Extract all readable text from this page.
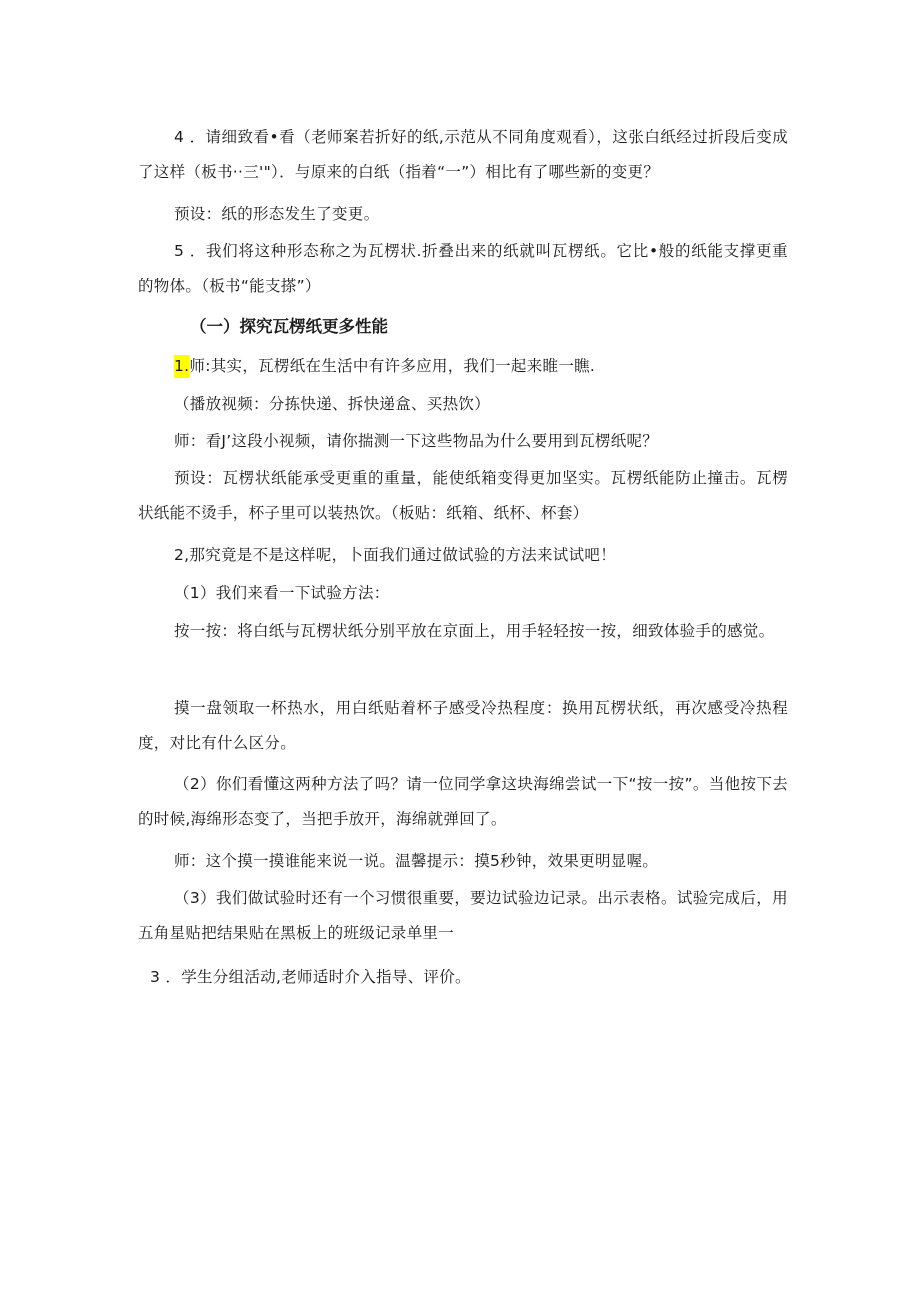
4 ．请细致看•看（老师案若折好的纸,示范从不同角度观看），这张白纸经过折段后变成了这样（板书··三'"）．与原来的白纸（指着“一”）相比有了哪些新的变更？

预设：纸的形态发生了变更。

5 ．我们将这种形态称之为瓦楞状.折叠出来的纸就叫瓦楞纸。它比•般的纸能支撑更重的物体。（板书“能支搽”）

（一）探究瓦楞纸更多性能

1.师:其实，瓦楞纸在生活中有许多应用，我们一起来睢一瞧.

（播放视频：分拣快递、拆快递盒、买热饮）

师：看J’这段小视频，请你揣测一下这些物品为什么要用到瓦楞纸呢？

预设：瓦楞状纸能承受更重的重量，能使纸箱变得更加坚实。瓦楞纸能防止撞击。瓦楞状纸能不烫手，杯子里可以装热饮。（板贴：纸箱、纸杯、杯套）

2,那究竟是不是这样呢，卜面我们通过做试验的方法来试试吧！

（1）我们来看一下试验方法：

按一按：将白纸与瓦楞状纸分别平放在京面上，用手轻轻按一按，细致体验手的感觉。

摸一盘领取一杯热水，用白纸贴着杯子感受冷热程度：换用瓦楞状纸，再次感受冷热程度，对比有什么区分。

（2）你们看懂这两种方法了吗？请一位同学拿这块海绵尝试一下“按一按”。当他按下去的时候,海绵形态变了，当把手放开，海绵就弹回了。

师：这个摸一摸谁能来说一说。温馨提示：摸5秒钟，效果更明显喔。

（3）我们做试验时还有一个习惯很重要，要边试验边记录。出示表格。试验完成后，用五角星贴把结果贴在黑板上的班级记录单里一

3 ．学生分组活动,老师适时介入指导、评价。
